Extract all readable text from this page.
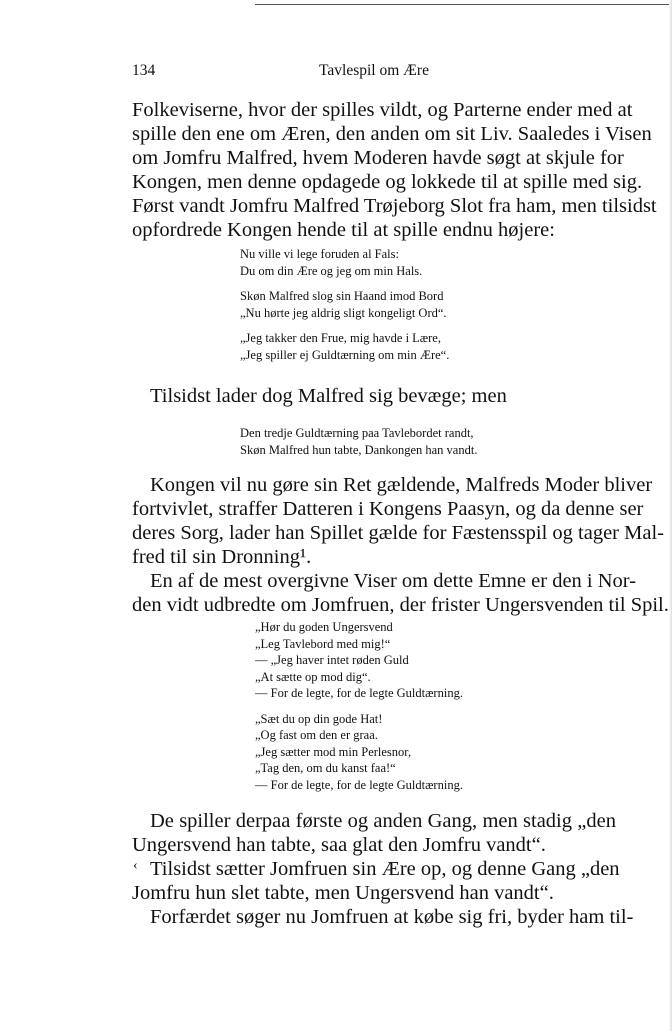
134	Tavlespil om Ære
Folkeviserne, hvor der spilles vildt, og Parterne ender med at
spille den ene om Æren, den anden om sit Liv. Saaledes i Visen
om Jomfru Malfred, hvem Moderen havde søgt at skjule for
Kongen, men denne opdagede og lokkede til at spille med sig.
Først vandt Jomfru Malfred Trøjeborg Slot fra ham, men tilsidst
opfordrede Kongen hende til at spille endnu højere:
Nu ville vi lege foruden al Fals:
Du om din Ære og jeg om min Hals.
Skøn Malfred slog sin Haand imod Bord
„Nu hørte jeg aldrig sligt kongeligt Ord“.
„Jeg takker den Frue, mig havde i Lære,
„Jeg spiller ej Guldtærning om min Ære“.
Tilsidst lader dog Malfred sig bevæge; men
Den tredje Guldtærning paa Tavlebordet randt,
Skøn Malfred hun tabte, Dankongen han vandt.
Kongen vil nu gøre sin Ret gældende, Malfreds Moder bliver
fortvivlet, straffer Datteren i Kongens Paasyn, og da denne ser
deres Sorg, lader han Spillet gælde for Fæstensspil og tager Mal-
fred til sin Dronning¹.
En af de mest overgivne Viser om dette Emne er den i Nor-
den vidt udbredte om Jomfruen, der frister Ungersvenden til Spil.
„Hør du goden Ungersvend
„Leg Tavlebord med mig!“
— „Jeg haver intet røden Guld
„At sætte op mod dig“.
— For de legte, for de legte Guldtærning.
„Sæt du op din gode Hat!
„Og fast om den er graa.
„Jeg sætter mod min Perlesnor,
„Tag den, om du kanst faa!“
— For de legte, for de legte Guldtærning.
De spiller derpaa første og anden Gang, men stadig „den
Ungersvend han tabte, saa glat den Jomfru vandt“.
Tilsidst sætter Jomfruen sin Ære op, og denne Gang „den
Jomfru hun slet tabte, men Ungersvend han vandt“.
Forfærdet søger nu Jomfruen at købe sig fri, byder ham til-
‹
